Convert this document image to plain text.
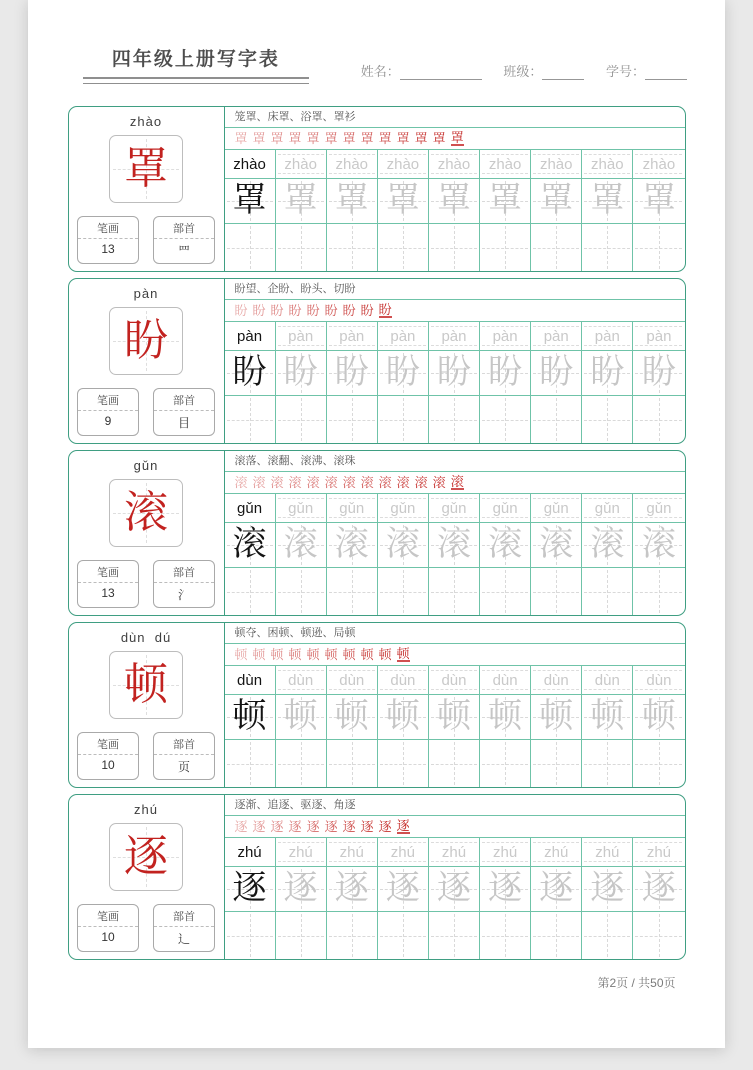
四年级上册写字表
姓名：	班级：	学号：
zhào
罩
笔画
13
部首
罒
笼罩、床罩、浴罩、罩衫
罩 罩 罩 罩 罩 罩 罩 罩 罩 罩 罩 罩 罩
zhào	zhào	zhào	zhào	zhào	zhào	zhào	zhào	zhào
罩 罩 罩 罩 罩 罩 罩 罩 罩
pàn
盼
笔画
9
部首
目
盼望、企盼、盼头、切盼
盼 盼 盼 盼 盼 盼 盼 盼 盼
pàn	pàn	pàn	pàn	pàn	pàn	pàn	pàn	pàn
盼 盼 盼 盼 盼 盼 盼 盼 盼
gǔn
滚
笔画
13
部首
氵
滚落、滚翻、滚沸、滚珠
滚 滚 滚 滚 滚 滚 滚 滚 滚 滚 滚 滚 滚
gǔn	gǔn	gǔn	gǔn	gǔn	gǔn	gǔn	gǔn	gǔn
滚 滚 滚 滚 滚 滚 滚 滚 滚
dùn  dú
顿
笔画
10
部首
页
顿夺、困顿、顿逊、局顿
顿 顿 顿 顿 顿 顿 顿 顿 顿 顿
dùn	dùn	dùn	dùn	dùn	dùn	dùn	dùn	dùn
顿 顿 顿 顿 顿 顿 顿 顿 顿
zhú
逐
笔画
10
部首
辶
逐渐、追逐、驱逐、角逐
逐 逐 逐 逐 逐 逐 逐 逐 逐 逐
zhú	zhú	zhú	zhú	zhú	zhú	zhú	zhú	zhú
逐 逐 逐 逐 逐 逐 逐 逐 逐
第2页 / 共50页
